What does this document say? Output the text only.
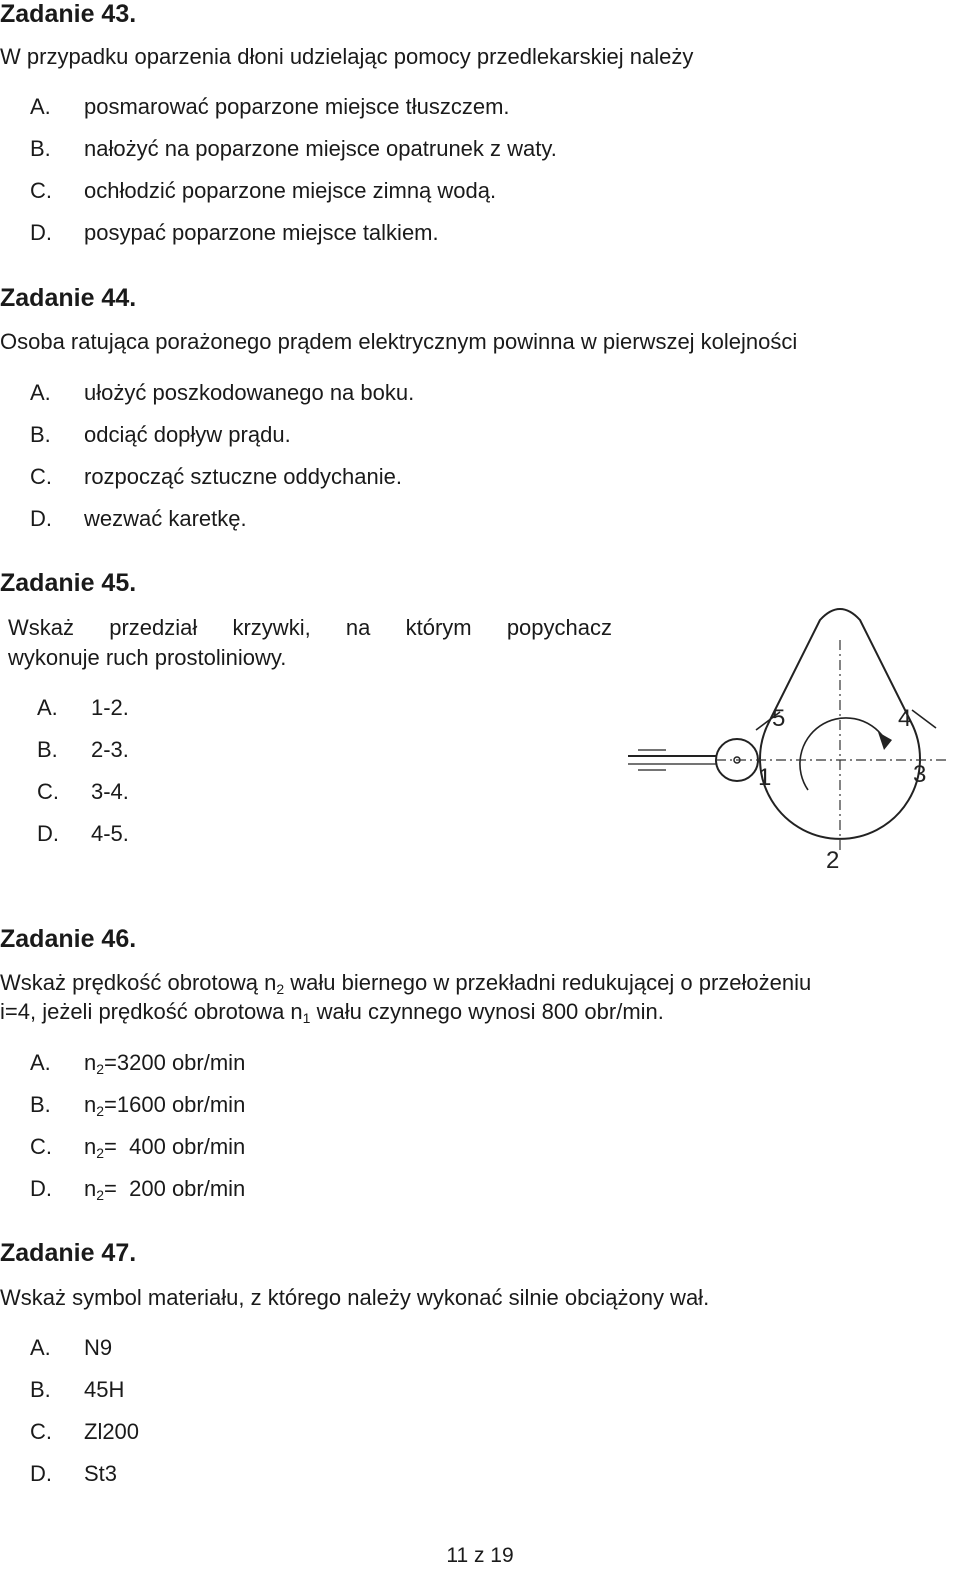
Zadanie 43.
W przypadku oparzenia dłoni udzielając pomocy przedlekarskiej należy
A. posmarować poparzone miejsce tłuszczem.
B. nałożyć na poparzone miejsce opatrunek z waty.
C. ochłodzić poparzone miejsce zimną wodą.
D. posypać poparzone miejsce talkiem.
Zadanie 44.
Osoba ratująca porażonego prądem elektrycznym powinna w pierwszej kolejności
A. ułożyć poszkodowanego na boku.
B. odciąć dopływ prądu.
C. rozpocząć sztuczne oddychanie.
D. wezwać karetkę.
Zadanie 45.
Wskaż przedział krzywki, na którym popychacz
wykonuje ruch prostoliniowy.
A. 1-2.
B. 2-3.
C. 3-4.
D. 4-5.
1
2
3
4
5
Zadanie 46.
Wskaż prędkość obrotową $n_2$ wału biernego w przekładni redukującej o przełożeniu
i=4, jeżeli prędkość obrotowa $n_1$ wału czynnego wynosi 800 obr/min.
A. $n_2=3200$ obr/min
B. $n_2=1600$ obr/min
C. $n_2= 400$ obr/min
D. $n_2= 200$ obr/min
Zadanie 47.
Wskaż symbol materiału, z którego należy wykonać silnie obciążony wał.
A. N9
B. 45H
C. Zl200
D. St3
11 z 19
